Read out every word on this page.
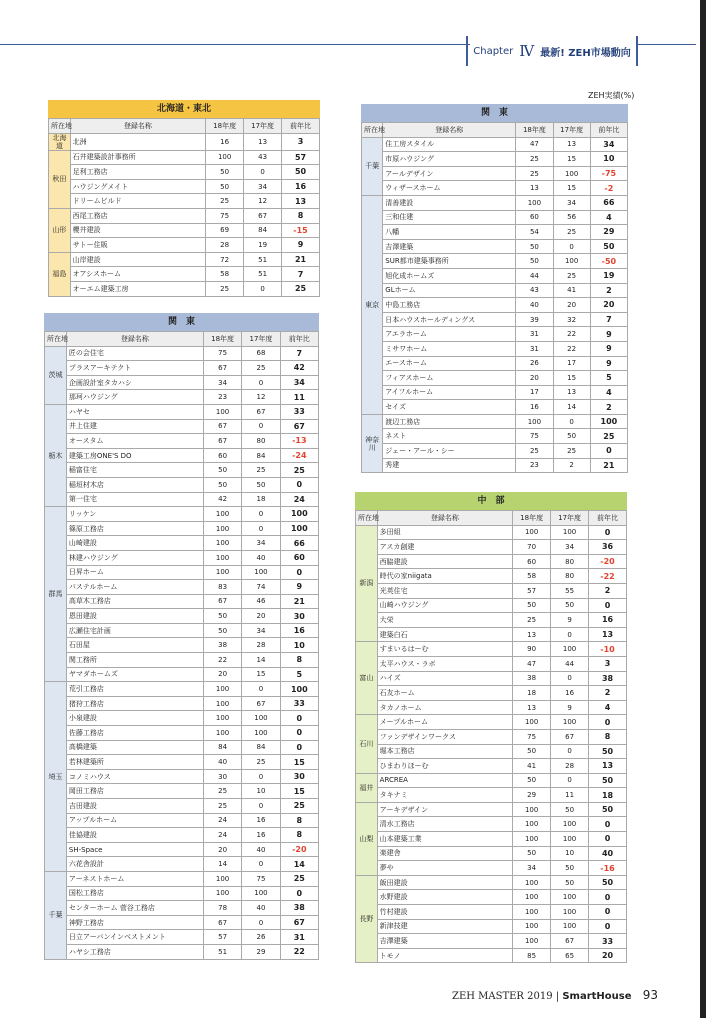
Chapter Ⅳ 最新! ZEH市場動向
ZEH実績(%)
北海道・東北
所在地	登録名称	18年度	17年度	前年比
北海道	北洲	16	13	3
秋田	石井建築設計事務所	100	43	57
	足利工務店	50	0	50
	ハウジングメイト	50	34	16
	ドリームビルド	25	12	13
山形	西尾工務店	75	67	8
	櫻井建設	69	84	-15
	サトー住販	28	19	9
福島	山岸建設	72	51	21
	オアシスホーム	58	51	7
	オーエム建築工房	25	0	25
関　東
所在地	登録名称	18年度	17年度	前年比
茨城	匠の会住宅	75	68	7
	プラスアーキテクト	67	25	42
	企画設計室タカハシ	34	0	34
	那珂ハウジング	23	12	11
栃木	ハヤセ	100	67	33
	井上住建	67	0	67
	オースタム	67	80	-13
	建築工房ONE'S DO	60	84	-24
	稲富住宅	50	25	25
	稲垣材木店	50	50	0
	第一住宅	42	18	24
群馬	リッケン	100	0	100
	篠原工務店	100	0	100
	山崎建設	100	34	66
	林建ハウジング	100	40	60
	日昇ホーム	100	100	0
	パステルホーム	83	74	9
	高草木工務店	67	46	21
	恩田建設	50	20	30
	広瀬住宅計画	50	34	16
	石田屋	38	28	10
	関工務所	22	14	8
	ヤマダホームズ	20	15	5
埼玉	荒引工務店	100	0	100
	猪狩工務店	100	67	33
	小泉建設	100	100	0
	佐藤工務店	100	100	0
	高橋建築	84	84	0
	若林建築所	40	25	15
	コノミハウス	30	0	30
	岡田工務店	25	10	15
	吉田建設	25	0	25
	アップルホーム	24	16	8
	佳協建設	24	16	8
	SH-Space	20	40	-20
	六花舎設計	14	0	14
千葉	アーネストホーム	100	75	25
	国松工務店	100	100	0
	センターホーム 菅谷工務店	78	40	38
	神野工務店	67	0	67
	日立アーバンインベストメント	57	26	31
	ハヤシ工務店	51	29	22
関　東
所在地	登録名称	18年度	17年度	前年比
千葉	住工房スタイル	47	13	34
	市原ハウジング	25	15	10
	アールデザイン	25	100	-75
	ウィザースホーム	13	15	-2
東京	清善建設	100	34	66
	三和住建	60	56	4
	八幡	54	25	29
	吉澤建築	50	0	50
	SUR都市建築事務所	50	100	-50
	旭化成ホームズ	44	25	19
	GLホーム	43	41	2
	中島工務店	40	20	20
	日本ハウスホールディングス	39	32	7
	アエラホーム	31	22	9
	ミサワホーム	31	22	9
	エースホーム	26	17	9
	フィアスホーム	20	15	5
	アイフルホーム	17	13	4
	セイズ	16	14	2
神奈川	渡辺工務店	100	0	100
	ネスト	75	50	25
	ジェー・アール・シー	25	25	0
	秀建	23	2	21
中　部
所在地	登録名称	18年度	17年度	前年比
新潟	多田組	100	100	0
	アスカ創建	70	34	36
	西脇建設	60	80	-20
	時代の家niigata	58	80	-22
	光英住宅	57	55	2
	山崎ハウジング	50	50	0
	大栄	25	9	16
	建築白石	13	0	13
富山	すまいるはーむ	90	100	-10
	太平ハウス・ラボ	47	44	3
	ハイズ	38	0	38
	石友ホーム	18	16	2
	タカノホーム	13	9	4
石川	メープルホーム	100	100	0
	ファンデザインワークス	75	67	8
	堀本工務店	50	0	50
	ひまわりほーむ	41	28	13
福井	ARCREA	50	0	50
	タキナミ	29	11	18
山梨	アーキデザイン	100	50	50
	清水工務店	100	100	0
	山本建築工業	100	100	0
	楽建舎	50	10	40
	夢や	34	50	-16
長野	飯田建設	100	50	50
	水野建設	100	100	0
	竹村建設	100	100	0
	新津技建	100	100	0
	吉澤建築	100	67	33
	トモノ	85	65	20
ZEH MASTER 2019 | SmartHouse 93
